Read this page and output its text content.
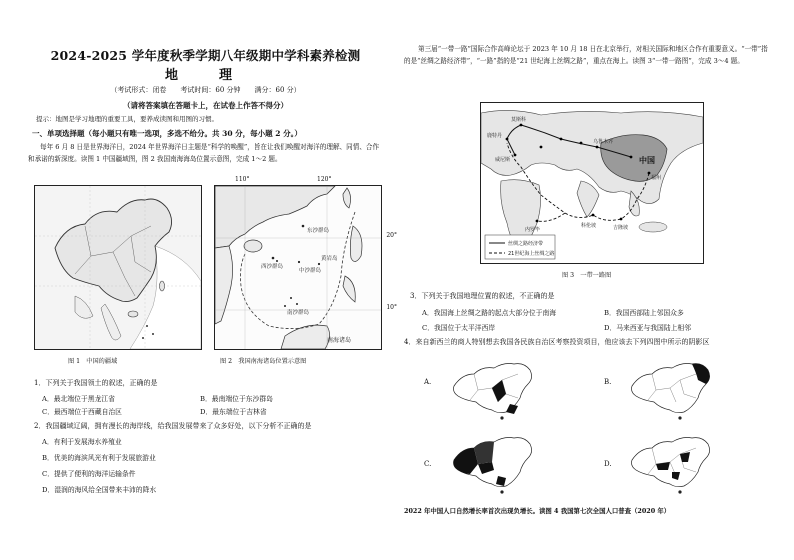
2024-2025 学年度秋季学期八年级期中学科素养检测
地　理
（考试形式：闭卷　　考试时间：60 分钟　　满分：60 分）
（请将答案填在答题卡上，在试卷上作答不得分）
提示：地图是学习地理的重要工具，要养成读图和用图的习惯。
一、单项选择题（每小题只有唯一选项，多选不给分。共 30 分，每小题 2 分。）
每年 6 月 8 日是世界海洋日，2024 年世界海洋日主题是“科学的唤醒”，旨在让我们唤醒对海洋的理解、同情、合作和承诺的新深度。读图 1 中国疆域图，图 2 我国南海海岛位置示意图，完成 1～2 题。
图 1　中国的疆域
东沙群岛
西沙群岛
中沙群岛
南沙群岛
黄岩岛
南海诸岛
110°	120°
20°
10°
图 2　我国南海诸岛位置示意图
1．下列关于我国领土的叙述，正确的是
A．最北端位于黑龙江省	B．最南端位于东沙群岛
C．最西端位于西藏自治区	D．最东端位于吉林省
2．我国疆域辽阔，拥有漫长的海岸线，给我国发展带来了众多好处，以下分析不正确的是
A．有利于发展海水养殖业
B．优美的海滨风光有利于发展旅游业
C．提供了便利的海洋运输条件
D．湿润的海风给全国带来丰沛的降水
第三届“一带一路”国际合作高峰论坛于 2023 年 10 月 18 日在北京举行，对相关国际和地区合作有重要意义。“一带”指的是“丝绸之路经济带”，“一路”指的是“21 世纪海上丝绸之路”，重点在海上。读图 3“一带一路图”，完成 3～4 题。
中国
莫斯科
鹿特丹
威尼斯
乌鲁木齐
福州
科伦坡
内罗毕	吉隆坡
丝绸之路经济带
21世纪海上丝绸之路
图 3　一带一路图
3．下列关于我国地理位置的叙述，不正确的是
A．我国海上丝绸之路的起点大部分位于南海	B．我国西部陆上邻国众多
C．我国位于太平洋西岸	D．马来西亚与我国陆上相邻
4．来自新西兰的商人特别想去我国各民族自治区考察投资项目，他应该去下列四图中所示的阴影区
A.	B.
C.	D.
2022 年中国人口自然增长率首次出现负增长。读图 4 我国第七次全国人口普查（2020 年）
